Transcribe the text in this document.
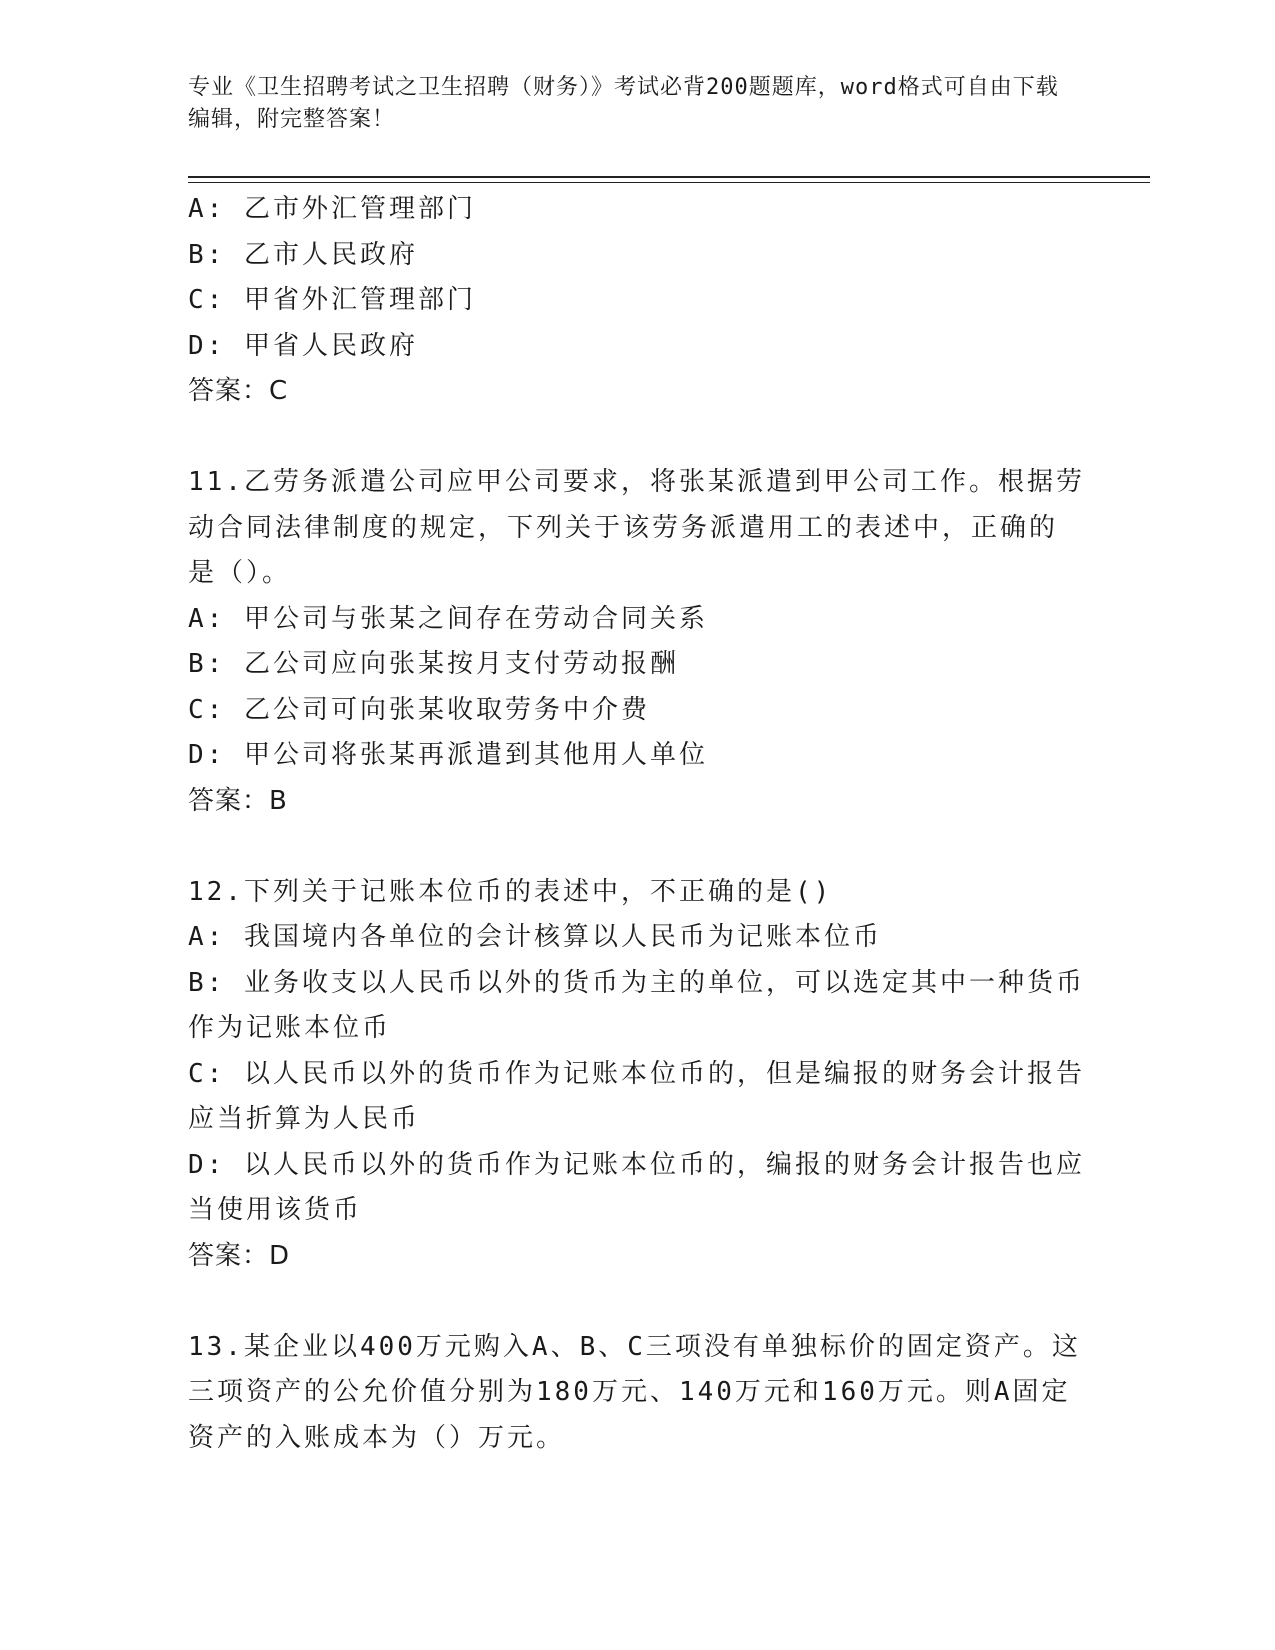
专业《卫生招聘考试之卫生招聘（财务）》考试必背200题题库，word格式可自由下载编辑，附完整答案！
A: 乙市外汇管理部门
B: 乙市人民政府
C: 甲省外汇管理部门
D: 甲省人民政府
答案：C
11.乙劳务派遣公司应甲公司要求，将张某派遣到甲公司工作。根据劳
动合同法律制度的规定，下列关于该劳务派遣用工的表述中，正确的
是（）。
A: 甲公司与张某之间存在劳动合同关系
B: 乙公司应向张某按月支付劳动报酬
C: 乙公司可向张某收取劳务中介费
D: 甲公司将张某再派遣到其他用人单位
答案：B
12.下列关于记账本位币的表述中，不正确的是()
A: 我国境内各单位的会计核算以人民币为记账本位币
B: 业务收支以人民币以外的货币为主的单位，可以选定其中一种货币
作为记账本位币
C: 以人民币以外的货币作为记账本位币的，但是编报的财务会计报告
应当折算为人民币
D: 以人民币以外的货币作为记账本位币的，编报的财务会计报告也应
当使用该货币
答案：D
13.某企业以400万元购入A、B、C三项没有单独标价的固定资产。这
三项资产的公允价值分别为180万元、140万元和160万元。则A固定
资产的入账成本为（）万元。
